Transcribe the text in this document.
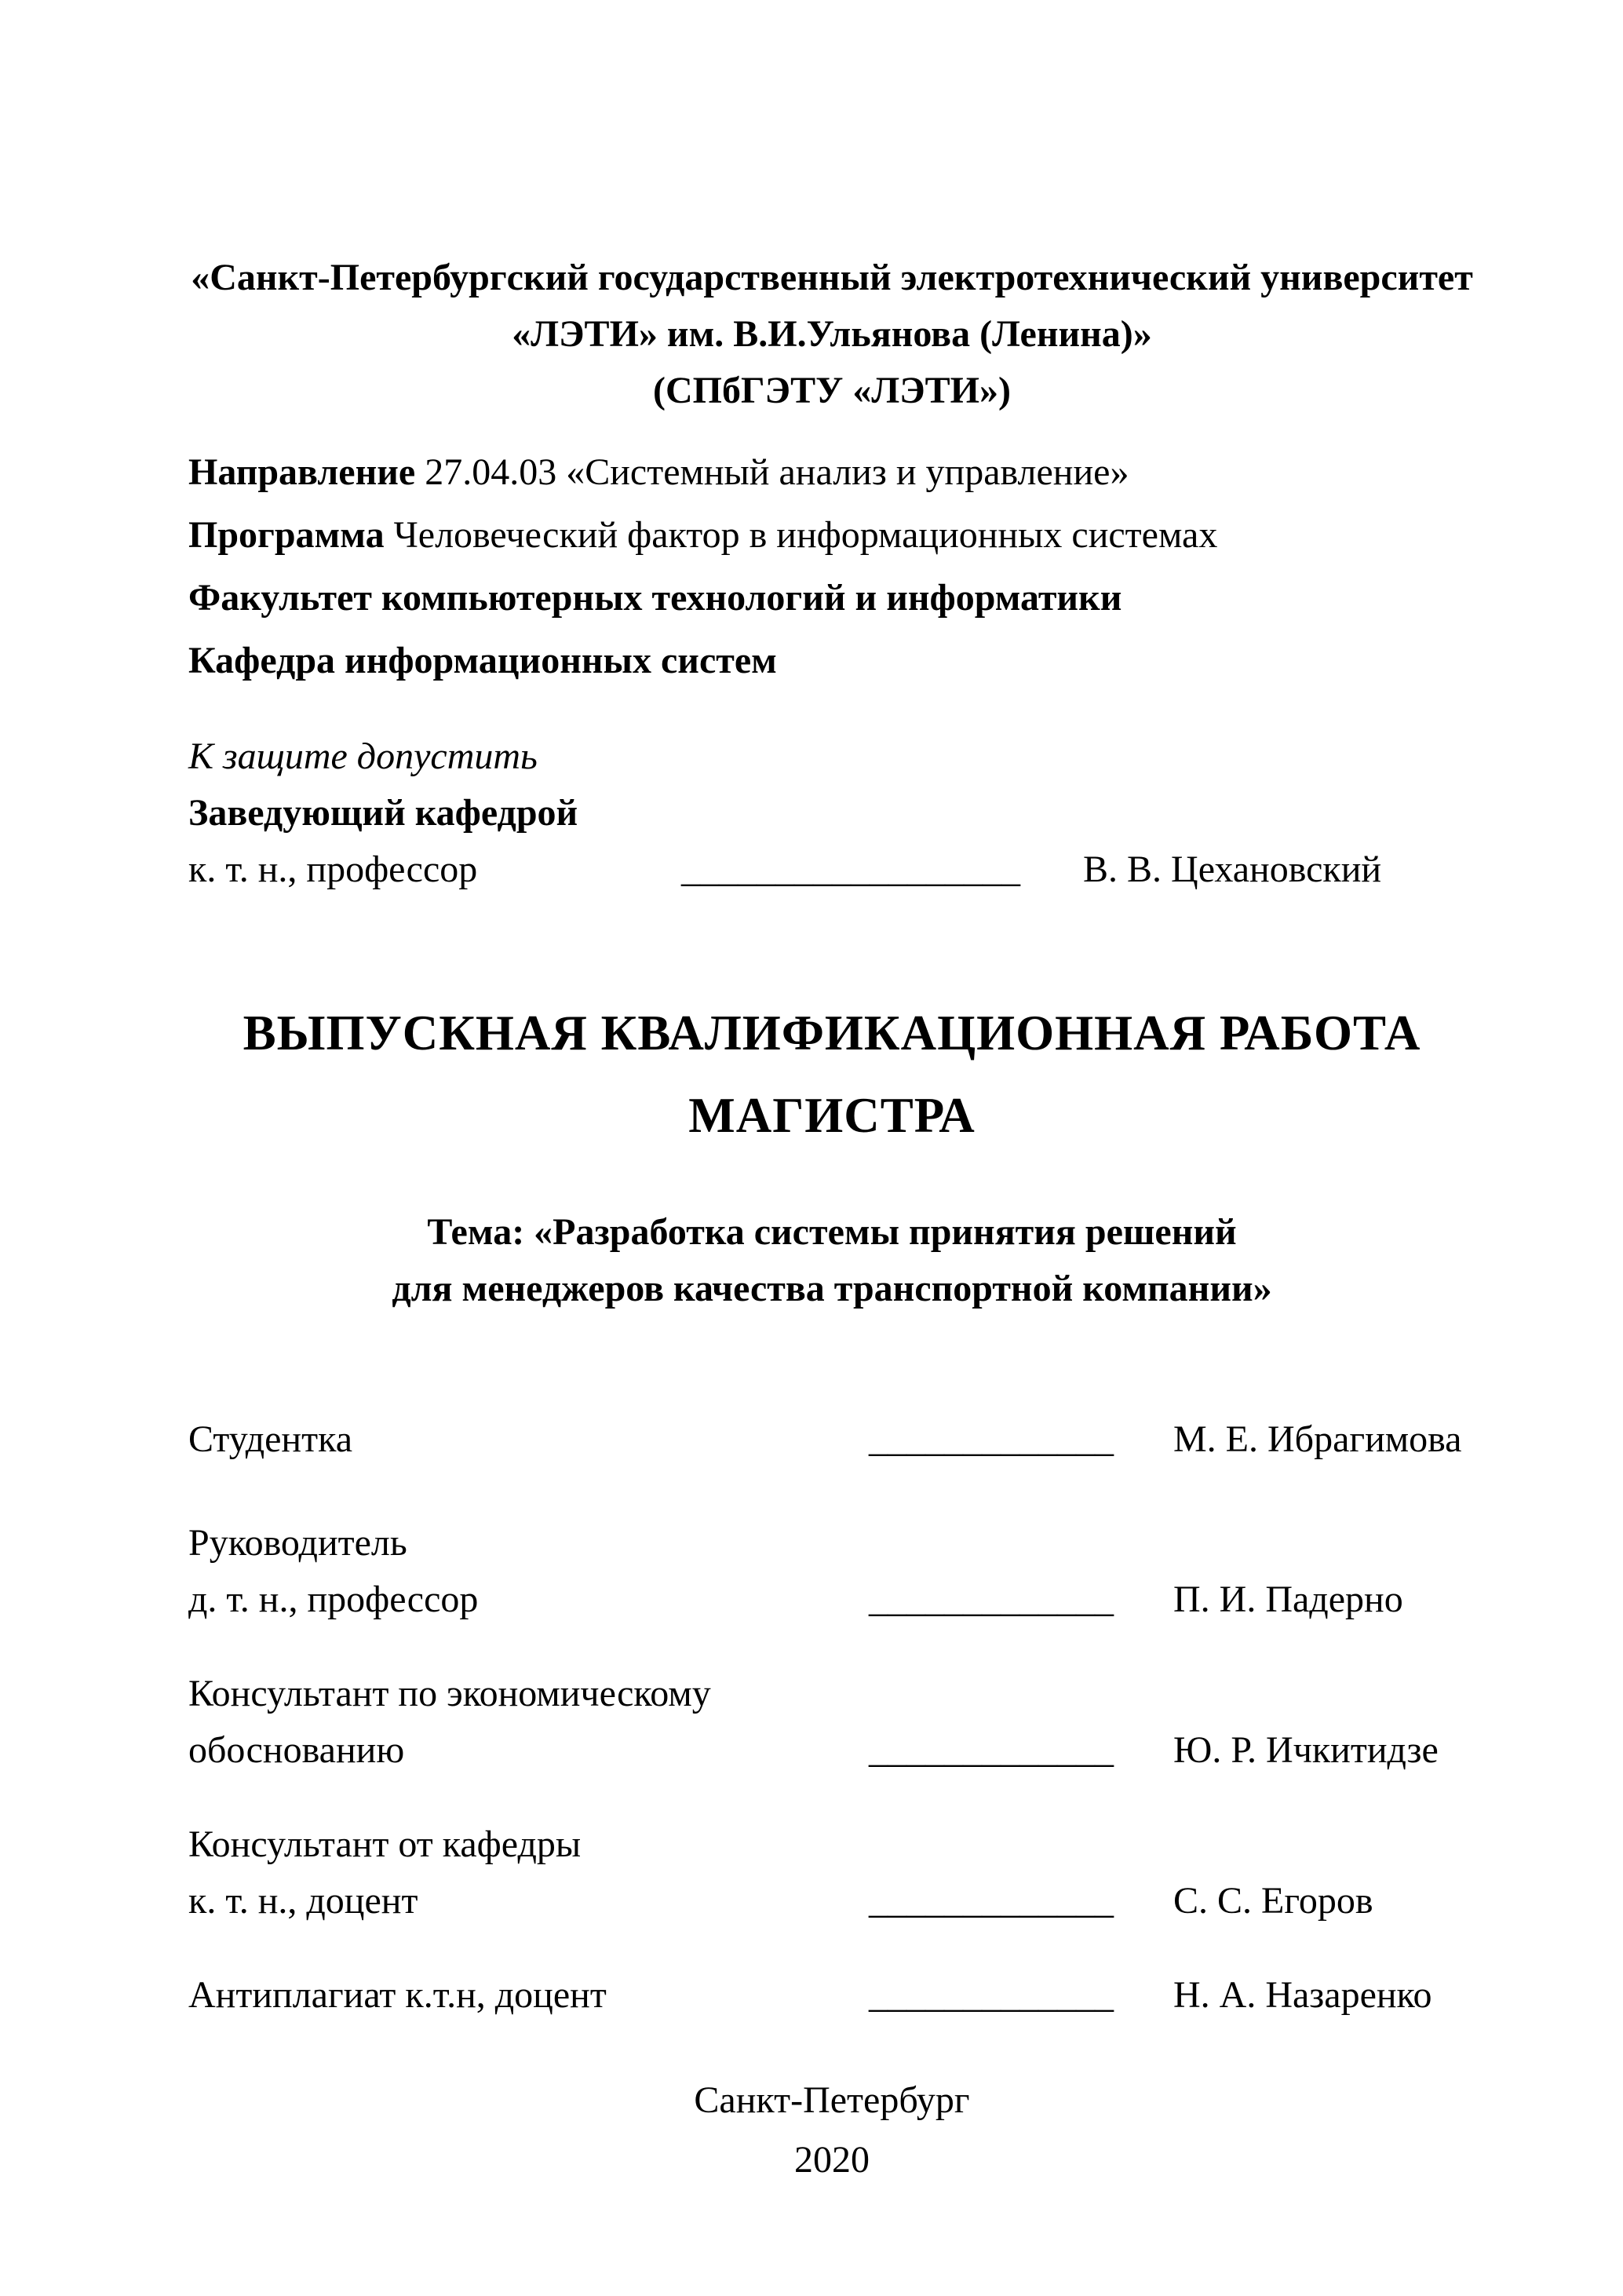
«Санкт-Петербургский государственный электротехнический университет
«ЛЭТИ» им. В.И.Ульянова (Ленина)»
(СПбГЭТУ «ЛЭТИ»)
Направление 27.04.03 «Системный анализ и управление»
Программа Человеческий фактор в информационных системах
Факультет компьютерных технологий и информатики
Кафедра информационных систем
К защите допустить
Заведующий кафедрой
к. т. н., профессор	__________________ В. В. Цехановский
ВЫПУСКНАЯ КВАЛИФИКАЦИОННАЯ РАБОТА
МАГИСТРА
Тема: «Разработка системы принятия решений
для менеджеров качества транспортной компании»
Студентка	_____________ М. Е. Ибрагимова
Руководитель
д. т. н., профессор	_____________ П. И. Падерно
Консультант по экономическому
обоснованию	_____________ Ю. Р. Ичкитидзе
Консультант от кафедры
к. т. н., доцент	_____________ С. С. Егоров
Антиплагиат к.т.н, доцент	_____________ Н. А. Назаренко
Санкт-Петербург
2020
